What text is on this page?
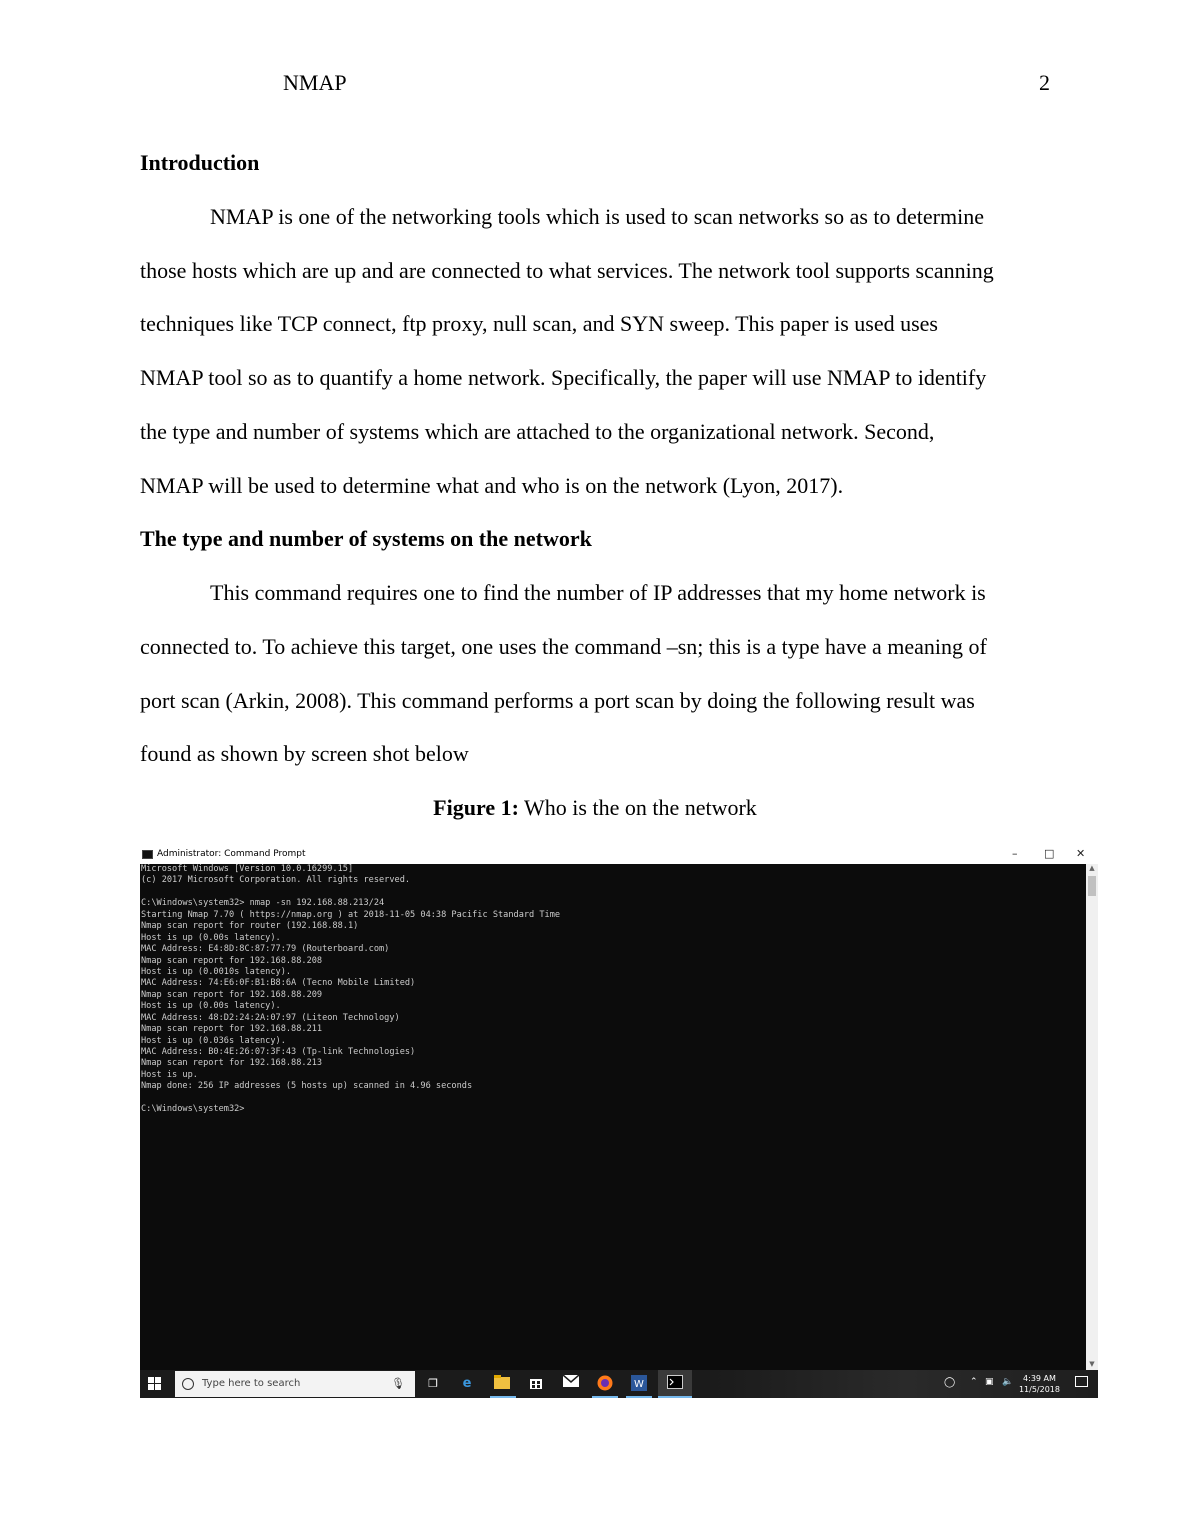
NMAP	2

Introduction

NMAP is one of the networking tools which is used to scan networks so as to determine
those hosts which are up and are connected to what services. The network tool supports scanning
techniques like TCP connect, ftp proxy, null scan, and SYN sweep. This paper is used uses
NMAP tool so as to quantify a home network. Specifically, the paper will use NMAP to identify
the type and number of systems which are attached to the organizational network. Second,
NMAP will be used to determine what and who is on the network (Lyon, 2017).

The type and number of systems on the network

This command requires one to find the number of IP addresses that my home network is
connected to. To achieve this target, one uses the command –sn; this is a type have a meaning of
port scan (Arkin, 2008). This command performs a port scan by doing the following result was
found as shown by screen shot below

Figure 1: Who is the on the network

Administrator: Command Prompt	– □ ✕
Microsoft Windows [Version 10.0.16299.15]
(c) 2017 Microsoft Corporation. All rights reserved.
C:\Windows\system32> nmap -sn 192.168.88.213/24
Starting Nmap 7.70 ( https://nmap.org ) at 2018-11-05 04:38 Pacific Standard Time
Nmap scan report for router (192.168.88.1)
Host is up (0.00s latency).
MAC Address: E4:8D:8C:87:77:79 (Routerboard.com)
Nmap scan report for 192.168.88.208
Host is up (0.0010s latency).
MAC Address: 74:E6:0F:B1:B8:6A (Tecno Mobile Limited)
Nmap scan report for 192.168.88.209
Host is up (0.00s latency).
MAC Address: 48:D2:24:2A:07:97 (Liteon Technology)
Nmap scan report for 192.168.88.211
Host is up (0.036s latency).
MAC Address: B0:4E:26:07:3F:43 (Tp-link Technologies)
Nmap scan report for 192.168.88.213
Host is up.
Nmap done: 256 IP addresses (5 hosts up) scanned in 4.96 seconds
C:\Windows\system32>
▲
▼
Type here to search	🎙	❐	e	W	◯ ⌃ ▣ 🔈	4:39 AM
11/5/2018
